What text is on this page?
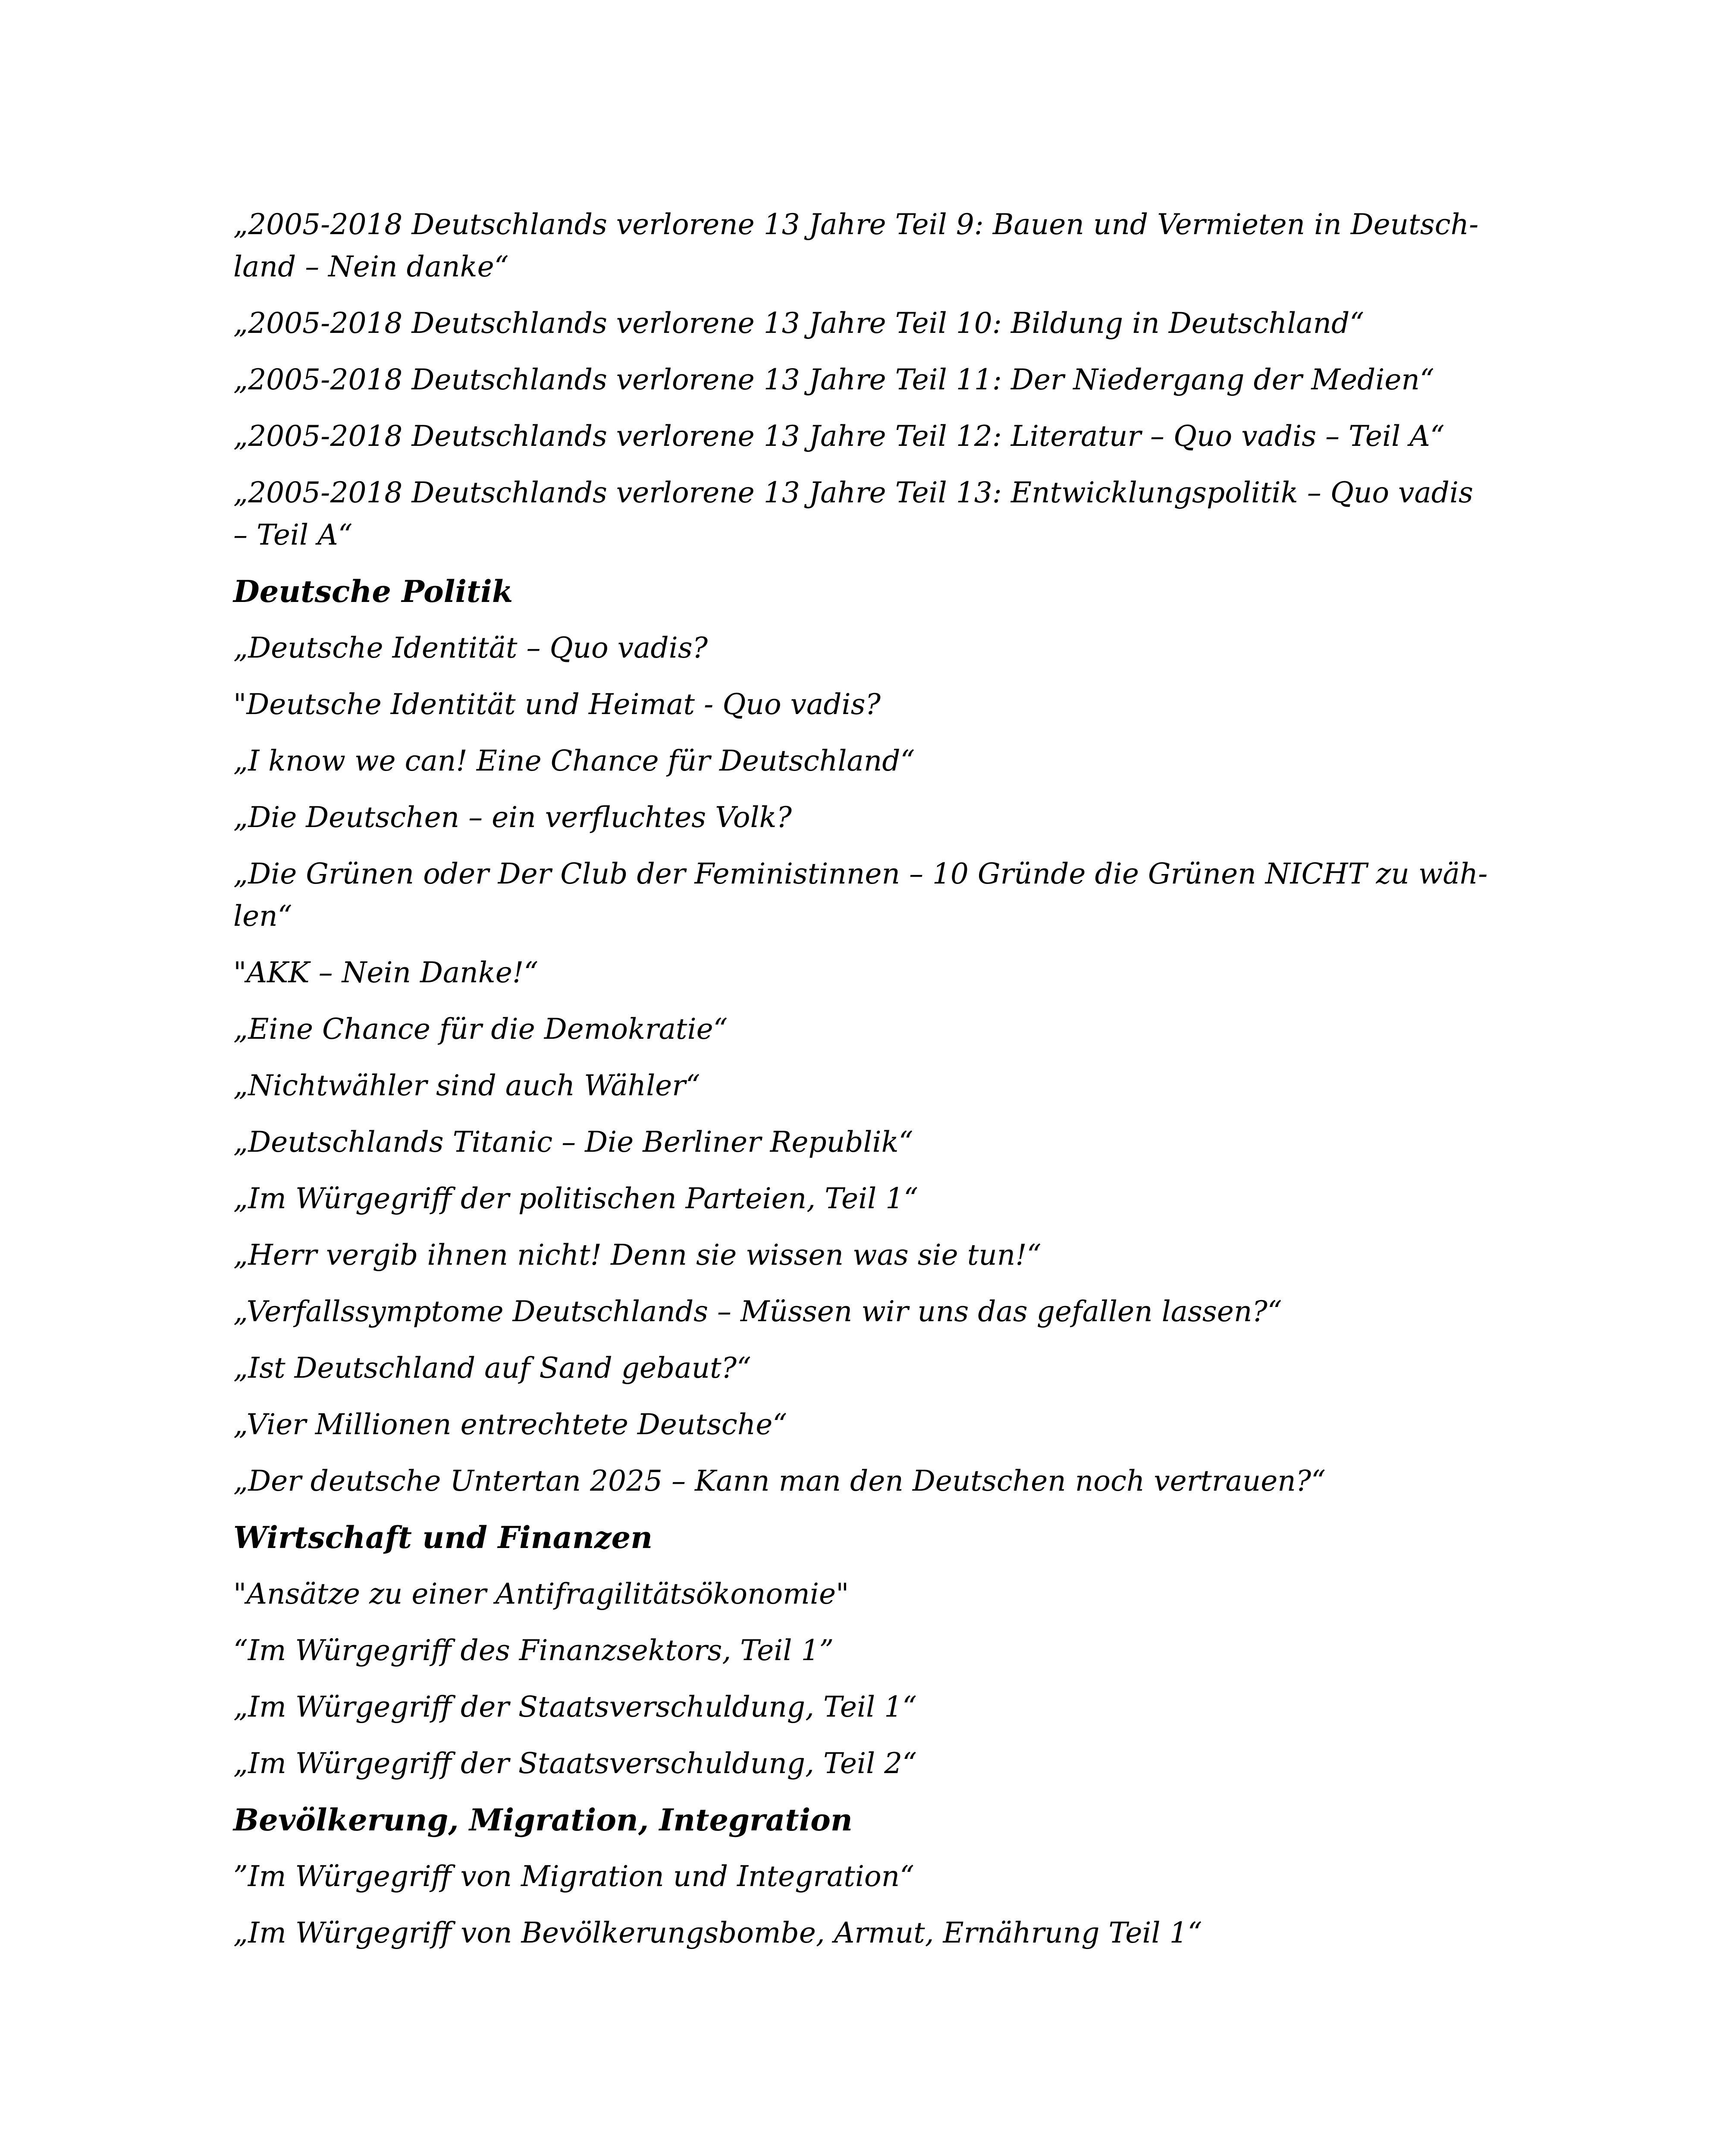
„2005-2018 Deutschlands verlorene 13 Jahre Teil 9: Bauen und Vermieten in Deutsch-
land – Nein danke“

„2005-2018 Deutschlands verlorene 13 Jahre Teil 10: Bildung in Deutschland“

„2005-2018 Deutschlands verlorene 13 Jahre Teil 11: Der Niedergang der Medien“

„2005-2018 Deutschlands verlorene 13 Jahre Teil 12: Literatur – Quo vadis – Teil A“

„2005-2018 Deutschlands verlorene 13 Jahre Teil 13: Entwicklungspolitik – Quo vadis
– Teil A“

Deutsche Politik

„Deutsche Identität – Quo vadis?

"Deutsche Identität und Heimat - Quo vadis?

„I know we can! Eine Chance für Deutschland“

„Die Deutschen – ein verfluchtes Volk?

„Die Grünen oder Der Club der Feministinnen – 10 Gründe die Grünen NICHT zu wäh-
len“

"AKK – Nein Danke!“

„Eine Chance für die Demokratie“

„Nichtwähler sind auch Wähler“

„Deutschlands Titanic – Die Berliner Republik“

„Im Würgegriff der politischen Parteien, Teil 1“

„Herr vergib ihnen nicht! Denn sie wissen was sie tun!“

„Verfallssymptome Deutschlands – Müssen wir uns das gefallen lassen?“

„Ist Deutschland auf Sand gebaut?“

„Vier Millionen entrechtete Deutsche“

„Der deutsche Untertan 2025 – Kann man den Deutschen noch vertrauen?“

Wirtschaft und Finanzen

"Ansätze zu einer Antifragilitätsökonomie"

“Im Würgegriff des Finanzsektors, Teil 1”

„Im Würgegriff der Staatsverschuldung, Teil 1“

„Im Würgegriff der Staatsverschuldung, Teil 2“

Bevölkerung, Migration, Integration

”Im Würgegriff von Migration und Integration“

„Im Würgegriff von Bevölkerungsbombe, Armut, Ernährung Teil 1“
